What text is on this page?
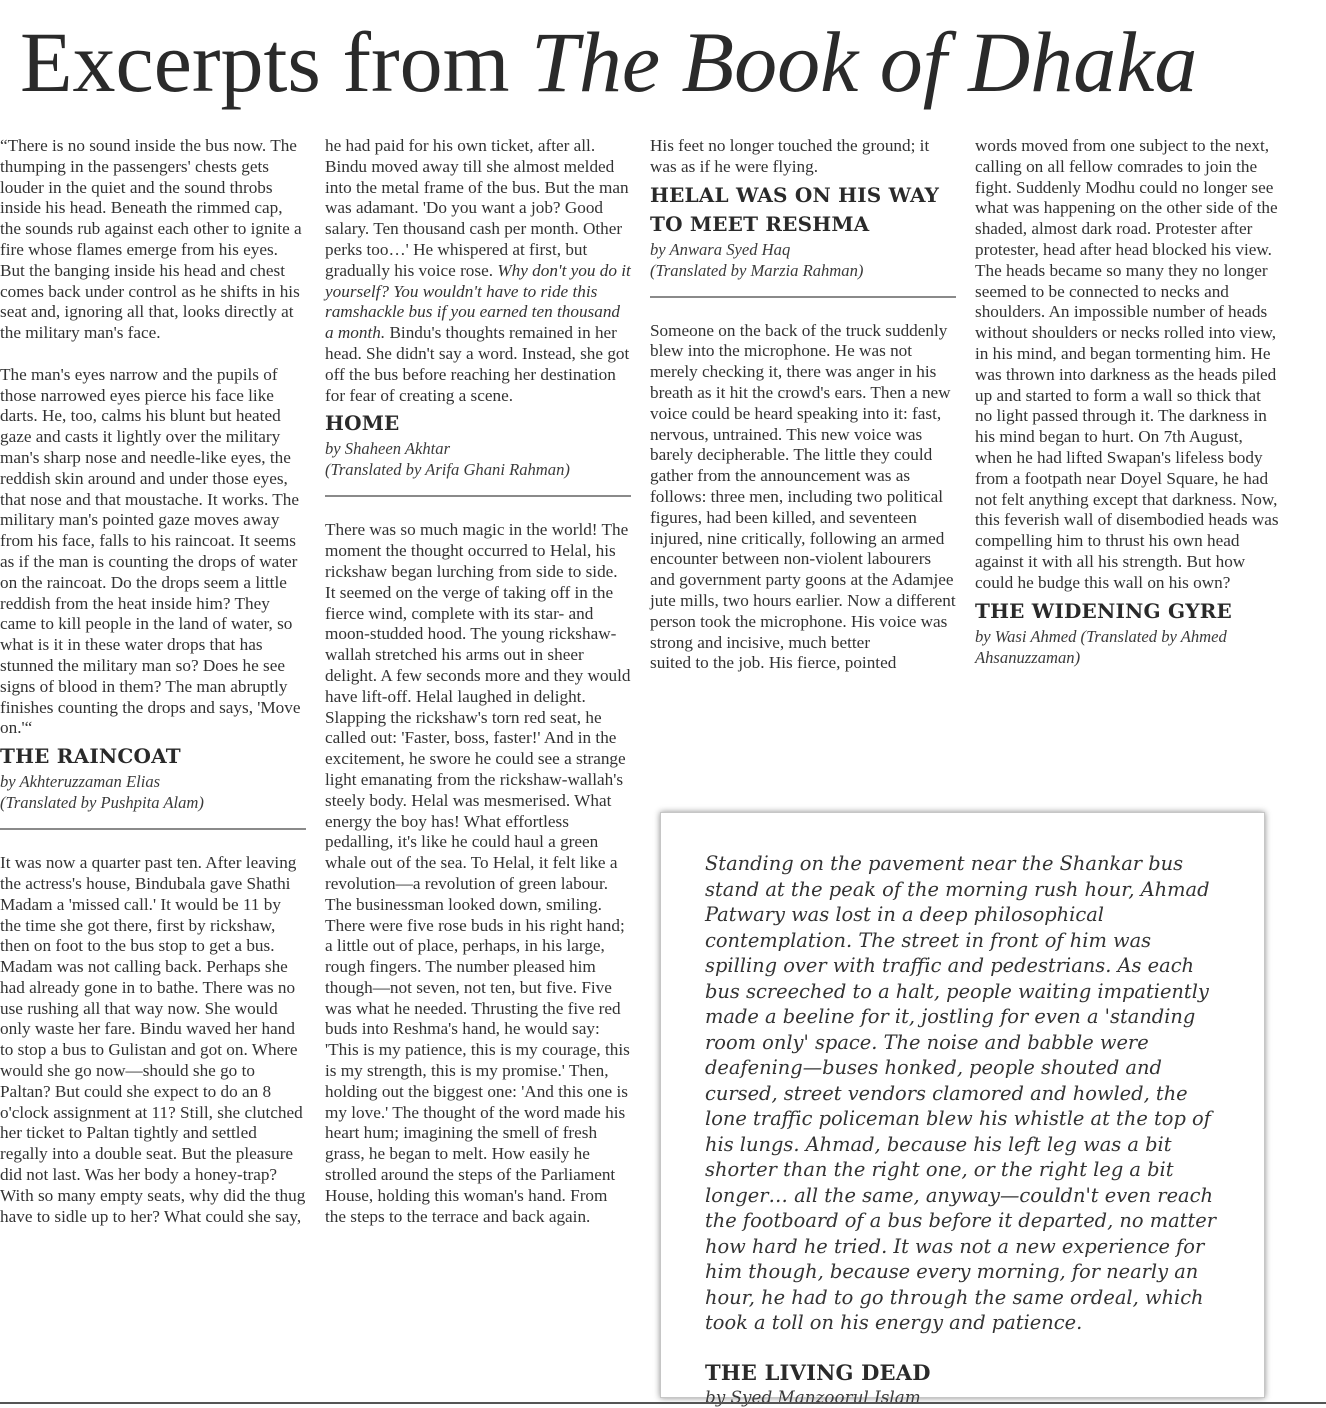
Excerpts from The Book of Dhaka

“There is no sound inside the bus now. The thumping in the passengers' chests gets louder in the quiet and the sound throbs inside his head. Beneath the rimmed cap, the sounds rub against each other to ignite a fire whose flames emerge from his eyes. But the banging inside his head and chest comes back under control as he shifts in his seat and, ignoring all that, looks directly at the military man's face.

The man's eyes narrow and the pupils of those narrowed eyes pierce his face like darts. He, too, calms his blunt but heated gaze and casts it lightly over the military man's sharp nose and needle-like eyes, the reddish skin around and under those eyes, that nose and that moustache. It works. The military man's pointed gaze moves away from his face, falls to his raincoat. It seems as if the man is counting the drops of water on the raincoat. Do the drops seem a little reddish from the heat inside him? They came to kill people in the land of water, so what is it in these water drops that has stunned the military man so? Does he see signs of blood in them? The man abruptly finishes counting the drops and says, 'Move on.'“

THE RAINCOAT

by Akhteruzzaman Elias

(Translated by Pushpita Alam)

It was now a quarter past ten. After leaving the actress's house, Bindubala gave Shathi Madam a 'missed call.' It would be 11 by the time she got there, first by rickshaw, then on foot to the bus stop to get a bus. Madam was not calling back. Perhaps she had already gone in to bathe. There was no use rushing all that way now. She would only waste her fare. Bindu waved her hand to stop a bus to Gulistan and got on. Where would she go now—should she go to Paltan? But could she expect to do an 8 o'clock assignment at 11? Still, she clutched her ticket to Paltan tightly and settled regally into a double seat. But the pleasure did not last. Was her body a honey-trap? With so many empty seats, why did the thug have to sidle up to her? What could she say,

he had paid for his own ticket, after all. Bindu moved away till she almost melded into the metal frame of the bus. But the man was adamant. 'Do you want a job? Good salary. Ten thousand cash per month. Other perks too…' He whispered at first, but gradually his voice rose. Why don't you do it yourself? You wouldn't have to ride this ramshackle bus if you earned ten thousand a month. Bindu's thoughts remained in her head. She didn't say a word. Instead, she got off the bus before reaching her destination for fear of creating a scene.

HOME

by Shaheen Akhtar

(Translated by Arifa Ghani Rahman)

There was so much magic in the world! The moment the thought occurred to Helal, his rickshaw began lurching from side to side. It seemed on the verge of taking off in the fierce wind, complete with its star- and moon-studded hood. The young rickshaw-wallah stretched his arms out in sheer delight. A few seconds more and they would have lift-off. Helal laughed in delight. Slapping the rickshaw's torn red seat, he called out: 'Faster, boss, faster!' And in the excitement, he swore he could see a strange light emanating from the rickshaw-wallah's steely body. Helal was mesmerised. What energy the boy has! What effortless pedalling, it's like he could haul a green whale out of the sea. To Helal, it felt like a revolution—a revolution of green labour. The businessman looked down, smiling. There were five rose buds in his right hand; a little out of place, perhaps, in his large, rough fingers. The number pleased him though—not seven, not ten, but five. Five was what he needed. Thrusting the five red buds into Reshma's hand, he would say: 'This is my patience, this is my courage, this is my strength, this is my promise.' Then, holding out the biggest one: 'And this one is my love.' The thought of the word made his heart hum; imagining the smell of fresh grass, he began to melt. How easily he strolled around the steps of the Parliament House, holding this woman's hand. From the steps to the terrace and back again.

His feet no longer touched the ground; it was as if he were flying.

HELAL WAS ON HIS WAY TO MEET RESHMA

by Anwara Syed Haq

(Translated by Marzia Rahman)

Someone on the back of the truck suddenly blew into the microphone. He was not merely checking it, there was anger in his breath as it hit the crowd's ears. Then a new voice could be heard speaking into it: fast, nervous, untrained. This new voice was barely decipherable. The little they could gather from the announcement was as follows: three men, including two political figures, had been killed, and seventeen injured, nine critically, following an armed encounter between non-violent labourers and government party goons at the Adamjee jute mills, two hours earlier. Now a different person took the microphone. His voice was strong and incisive, much better

suited to the job. His fierce, pointed

words moved from one subject to the next, calling on all fellow comrades to join the fight. Suddenly Modhu could no longer see what was happening on the other side of the shaded, almost dark road. Protester after protester, head after head blocked his view. The heads became so many they no longer seemed to be connected to necks and shoulders. An impossible number of heads without shoulders or necks rolled into view, in his mind, and began tormenting him. He was thrown into darkness as the heads piled up and started to form a wall so thick that no light passed through it. The darkness in his mind began to hurt. On 7th August, when he had lifted Swapan's lifeless body from a footpath near Doyel Square, he had not felt anything except that darkness. Now, this feverish wall of disembodied heads was compelling him to thrust his own head against it with all his strength. But how could he budge this wall on his own?

THE WIDENING GYRE

by Wasi Ahmed (Translated by Ahmed Ahsanuzzaman)

Standing on the pavement near the Shankar bus stand at the peak of the morning rush hour, Ahmad Patwary was lost in a deep philosophical contemplation. The street in front of him was spilling over with traffic and pedestrians. As each bus screeched to a halt, people waiting impatiently made a beeline for it, jostling for even a 'standing room only' space. The noise and babble were deafening—buses honked, people shouted and cursed, street vendors clamored and howled, the lone traffic policeman blew his whistle at the top of his lungs. Ahmad, because his left leg was a bit shorter than the right one, or the right leg a bit longer… all the same, anyway—couldn't even reach the footboard of a bus before it departed, no matter how hard he tried. It was not a new experience for him though, because every morning, for nearly an hour, he had to go through the same ordeal, which took a toll on his energy and patience.

THE LIVING DEAD

by Syed Manzoorul Islam
